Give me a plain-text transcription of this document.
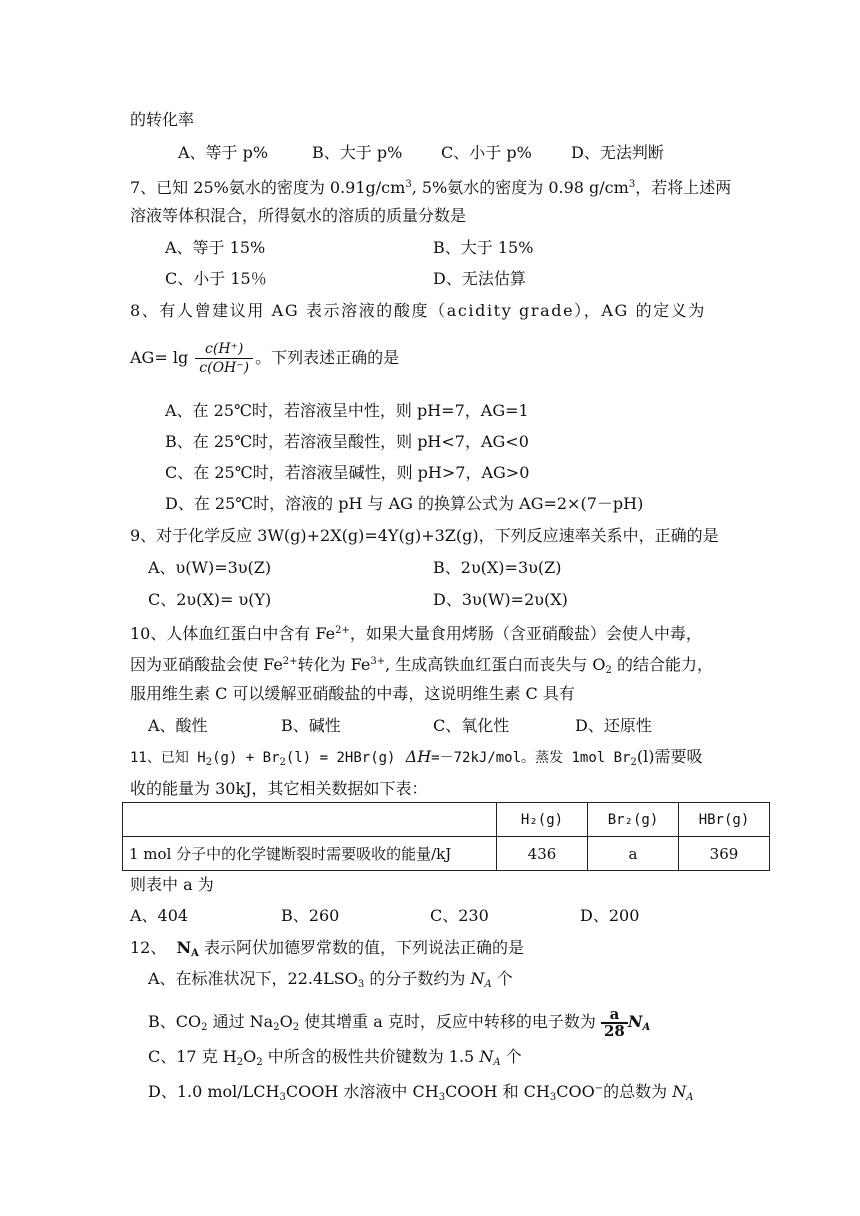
的转化率
A、等于 p%	B、大于 p% C、小于 p% D、无法判断
7、已知 25%氨水的密度为 $0.91g/cm^3$, 5%氨水的密度为 0.98 $g/cm^3$，若将上述两
溶液等体积混合，所得氨水的溶质的质量分数是
A、等于 15%	B、大于 15%
C、小于 15％	D、无法估算
8、有人曾建议用 AG 表示溶液的酸度（acidity grade），AG 的定义为
$AG= \lg \frac{c(H^+)}{c(OH^-)}$ 。下列表述正确的是
A、在 25℃时，若溶液呈中性，则 pH=7，AG=1
B、在 25℃时，若溶液呈酸性，则 pH<7，AG<0
C、在 25℃时，若溶液呈碱性，则 pH>7，AG>0
D、在 25℃时，溶液的 pH 与 AG 的换算公式为 AG=2×(7－pH)
9、对于化学反应 3W(g)+2X(g)=4Y(g)+3Z(g)，下列反应速率关系中，正确的是
A、υ(W)=3υ(Z)	B、2υ(X)=3υ(Z)
C、2υ(X)= υ(Y)	D、3υ(W)=2υ(X)
10、人体血红蛋白中含有 $Fe^{2+}$，如果大量食用烤肠（含亚硝酸盐）会使人中毒，
因为亚硝酸盐会使 $Fe^{2+}$转化为 $Fe^{3+}$, 生成高铁血红蛋白而丧失与 $O_2$ 的结合能力，
服用维生素 C 可以缓解亚硝酸盐的中毒，这说明维生素 C 具有
A、酸性	B、碱性	C、氧化性	D、还原性
11、已知 $H_2(g) + Br_2(l) = 2HBr(g)$ ΔH=－72kJ/mol。蒸发 1mol $Br_2(l)$需要吸
收的能量为 30kJ，其它相关数据如下表：
	H₂(g)	Br₂(g)	HBr(g)
1 mol 分子中的化学键断裂时需要吸收的能量/kJ	436	a	369
则表中 a 为
A、404	B、260	C、230	D、200
12、 $N_A$ 表示阿伏加德罗常数的值，下列说法正确的是
A、在标准状况下，$22.4LSO_3$ 的分子数约为 $N_A$ 个
B、$CO_2$ 通过 $Na_2O_2$ 使其增重 a 克时，反应中转移的电子数为 $\frac{a}{28} N_A$
C、17 克 $H_2O_2$ 中所含的极性共价键数为 1.5 $N_A$ 个
D、1.0 mol/$LCH_3COOH$ 水溶液中 $CH_3COOH$ 和 $CH_3COO^-$的总数为 $N_A$
